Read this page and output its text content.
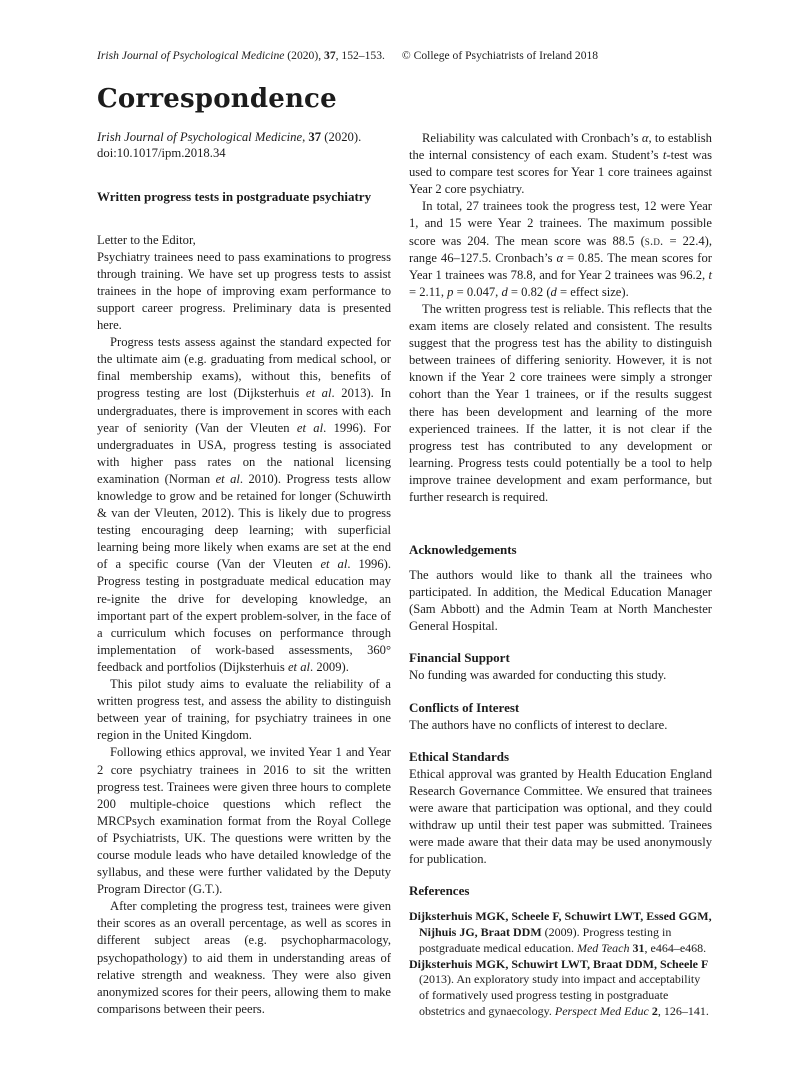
Irish Journal of Psychological Medicine (2020), 37, 152–153. © College of Psychiatrists of Ireland 2018
Correspondence

Irish Journal of Psychological Medicine, 37 (2020).

doi:10.1017/ipm.2018.34

Written progress tests in postgraduate psychiatry

Letter to the Editor,

Psychiatry trainees need to pass examinations to progress through training. We have set up progress tests to assist trainees in the hope of improving exam performance to support career progress. Preliminary data is presented here.

Progress tests assess against the standard expected for the ultimate aim (e.g. graduating from medical school, or final membership exams), without this, benefits of progress testing are lost (Dijksterhuis et al. 2013). In undergraduates, there is improvement in scores with each year of seniority (Van der Vleuten et al. 1996). For undergraduates in USA, progress testing is associated with higher pass rates on the national licensing examination (Norman et al. 2010). Progress tests allow knowledge to grow and be retained for longer (Schuwirth & van der Vleuten, 2012). This is likely due to progress testing encouraging deep learning; with superficial learning being more likely when exams are set at the end of a specific course (Van der Vleuten et al. 1996). Progress testing in postgraduate medical education may re-ignite the drive for developing knowledge, an important part of the expert problem-solver, in the face of a curriculum which focuses on performance through implementation of work-based assessments, 360° feedback and portfolios (Dijksterhuis et al. 2009).

This pilot study aims to evaluate the reliability of a written progress test, and assess the ability to distinguish between year of training, for psychiatry trainees in one region in the United Kingdom.

Following ethics approval, we invited Year 1 and Year 2 core psychiatry trainees in 2016 to sit the written progress test. Trainees were given three hours to complete 200 multiple-choice questions which reflect the MRCPsych examination format from the Royal College of Psychiatrists, UK. The questions were written by the course module leads who have detailed knowledge of the syllabus, and these were further validated by the Deputy Program Director (G.T.).

After completing the progress test, trainees were given their scores as an overall percentage, as well as scores in different subject areas (e.g. psychopharmacology, psychopathology) to aid them in understanding areas of relative strength and weakness. They were also given anonymized scores for their peers, allowing them to make comparisons between their peers.

Reliability was calculated with Cronbach’s α, to establish the internal consistency of each exam. Student’s t-test was used to compare test scores for Year 1 core trainees against Year 2 core psychiatry.

In total, 27 trainees took the progress test, 12 were Year 1, and 15 were Year 2 trainees. The maximum possible score was 204. The mean score was 88.5 (s.d. = 22.4), range 46–127.5. Cronbach’s α = 0.85. The mean scores for Year 1 trainees was 78.8, and for Year 2 trainees was 96.2, t = 2.11, p = 0.047, d = 0.82 (d = effect size).

The written progress test is reliable. This reflects that the exam items are closely related and consistent. The results suggest that the progress test has the ability to distinguish between trainees of differing seniority. However, it is not known if the Year 2 core trainees were simply a stronger cohort than the Year 1 trainees, or if the results suggest there has been development and learning of the more experienced trainees. If the latter, it is not clear if the progress test has contributed to any development or learning. Progress tests could potentially be a tool to help improve trainee development and exam performance, but further research is required.

Acknowledgements

The authors would like to thank all the trainees who participated. In addition, the Medical Education Manager (Sam Abbott) and the Admin Team at North Manchester General Hospital.

Financial Support

No funding was awarded for conducting this study.

Conflicts of Interest

The authors have no conflicts of interest to declare.

Ethical Standards

Ethical approval was granted by Health Education England Research Governance Committee. We ensured that trainees were aware that participation was optional, and they could withdraw up until their test paper was submitted. Trainees were made aware that their data may be used anonymously for publication.

References

Dijksterhuis MGK, Scheele F, Schuwirt LWT, Essed GGM, Nijhuis JG, Braat DDM (2009). Progress testing in postgraduate medical education. Med Teach 31, e464–e468.

Dijksterhuis MGK, Schuwirt LWT, Braat DDM, Scheele F (2013). An exploratory study into impact and acceptability of formatively used progress testing in postgraduate obstetrics and gynaecology. Perspect Med Educ 2, 126–141.
